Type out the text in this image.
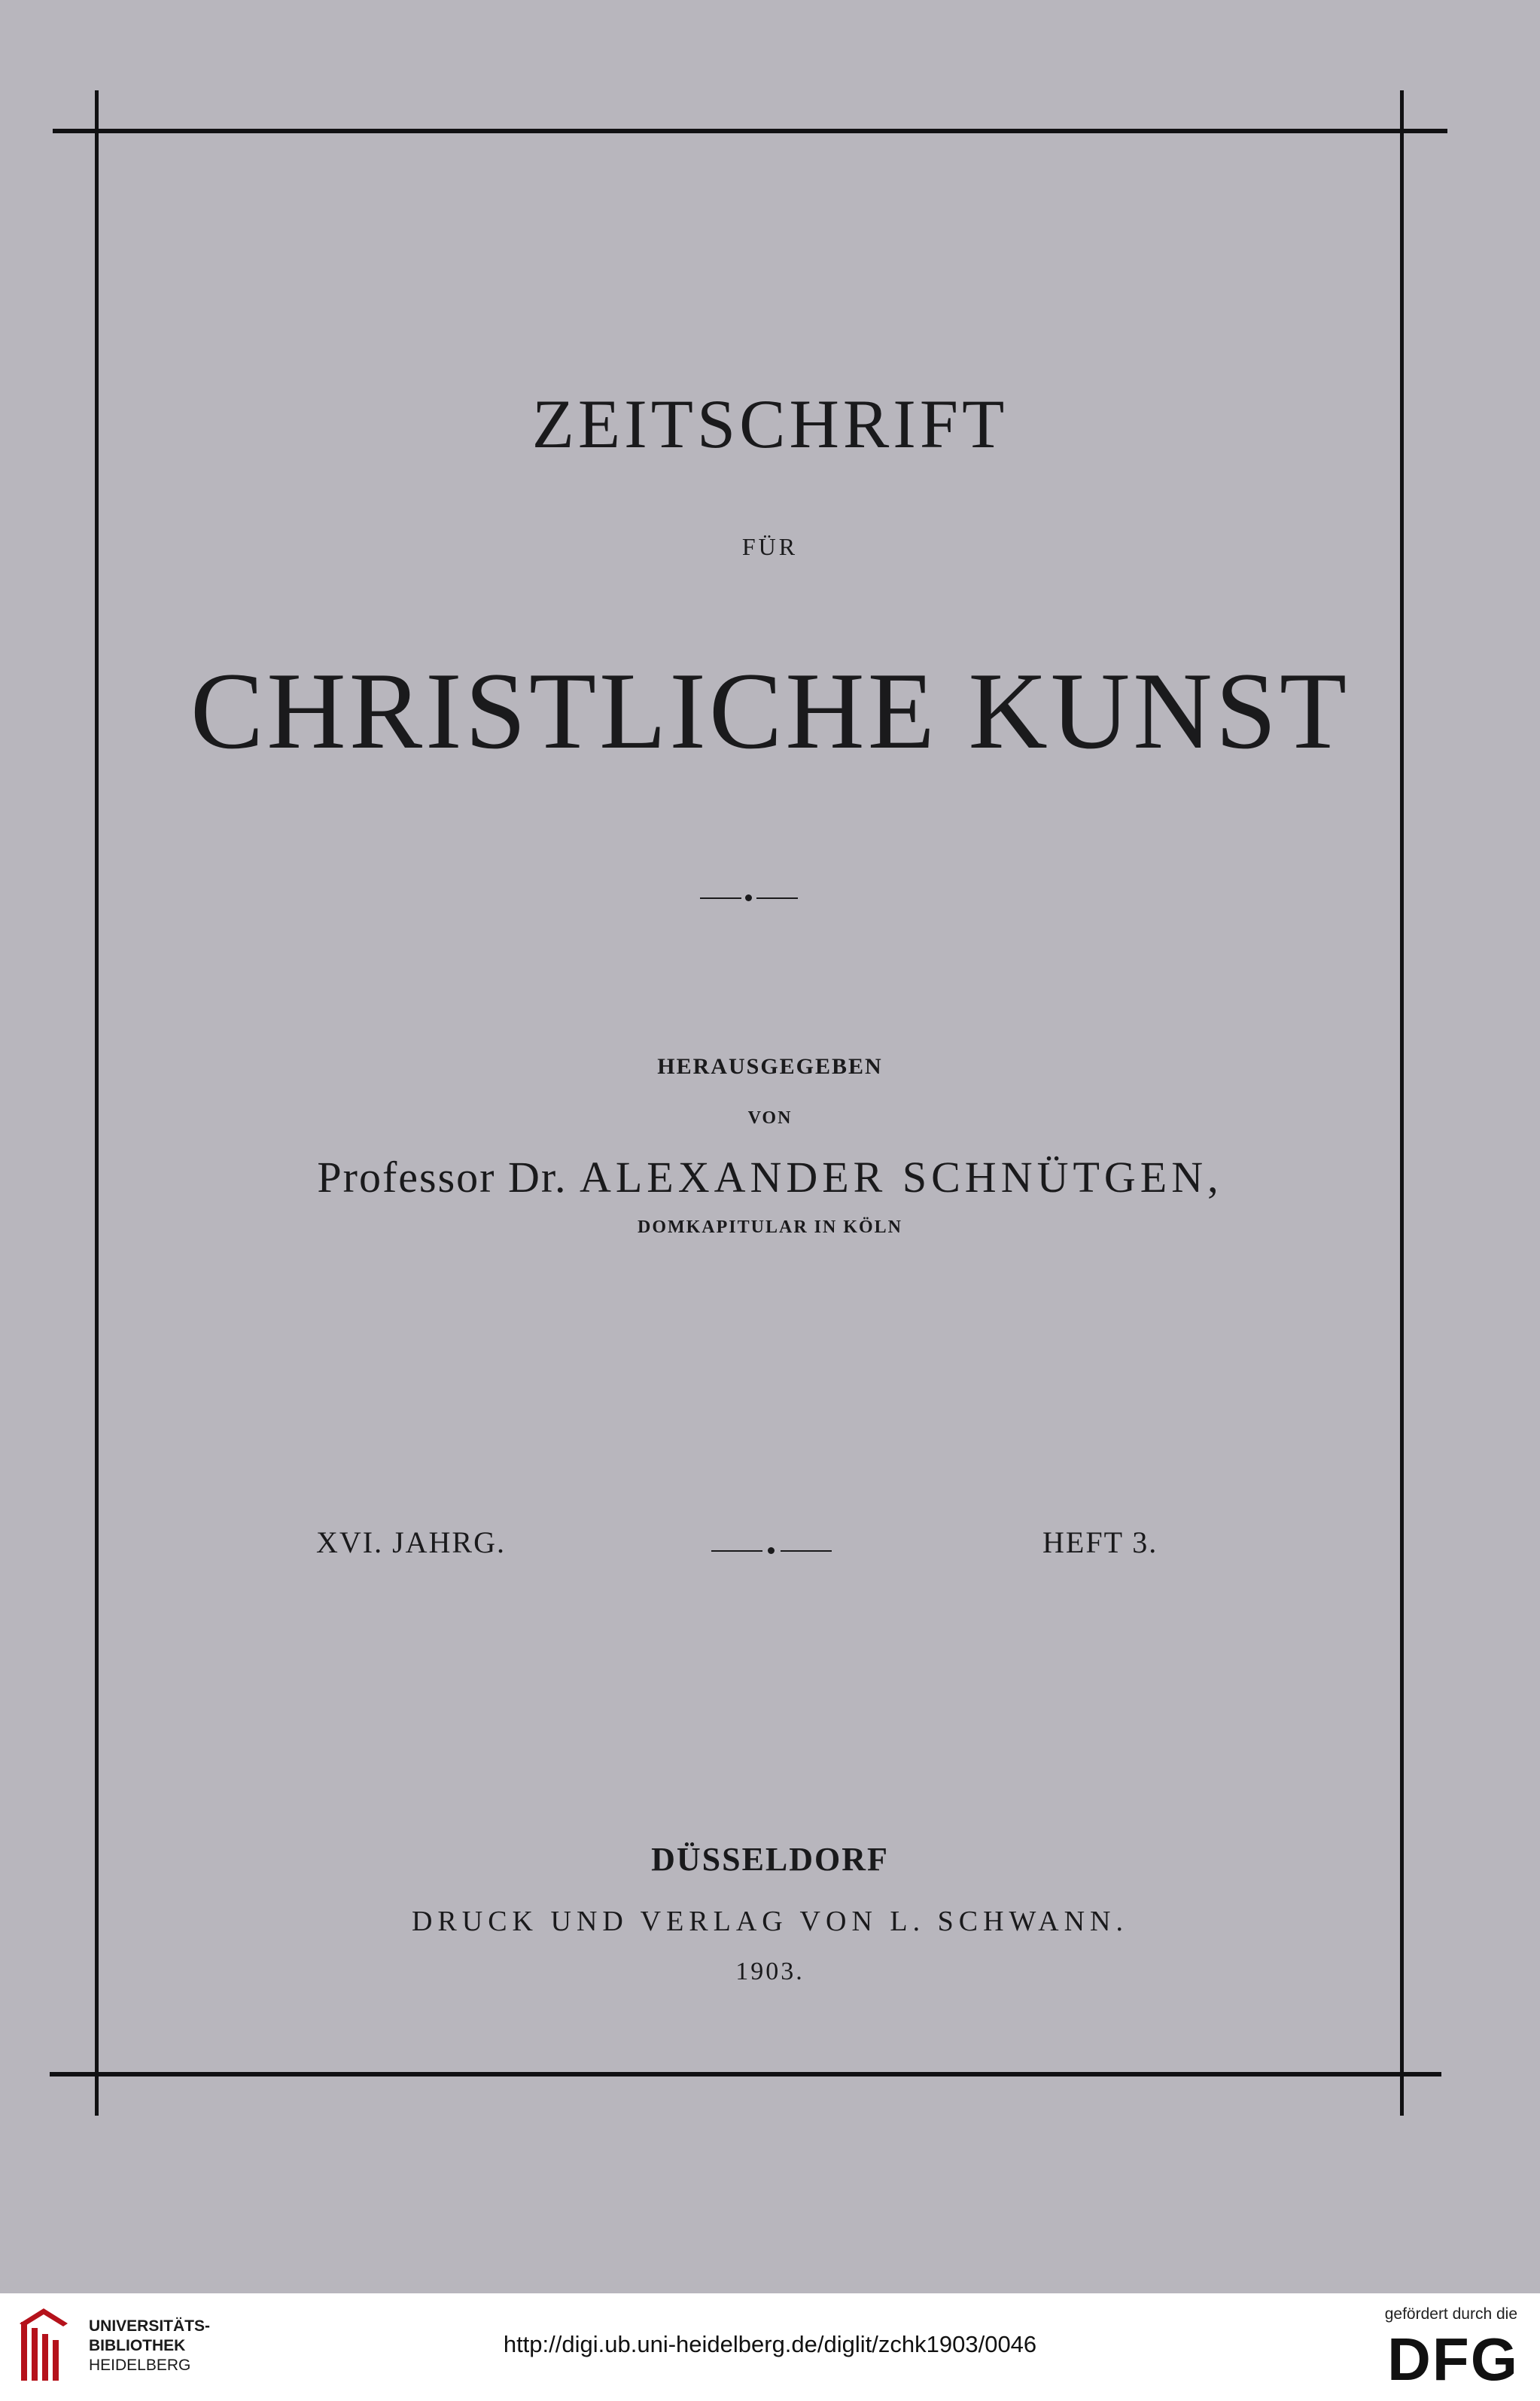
ZEITSCHRIFT
FÜR
CHRISTLICHE KUNST
HERAUSGEGEBEN
VON
Professor Dr. ALEXANDER SCHNÜTGEN,
DOMKAPITULAR IN KÖLN
XVI. JAHRG.	HEFT 3.
DÜSSELDORF
DRUCK UND VERLAG VON L. SCHWANN.
1903.
UNIVERSITÄTS-
BIBLIOTHEK
HEIDELBERG
http://digi.ub.uni-heidelberg.de/diglit/zchk1903/0046
gefördert durch die
DFG
